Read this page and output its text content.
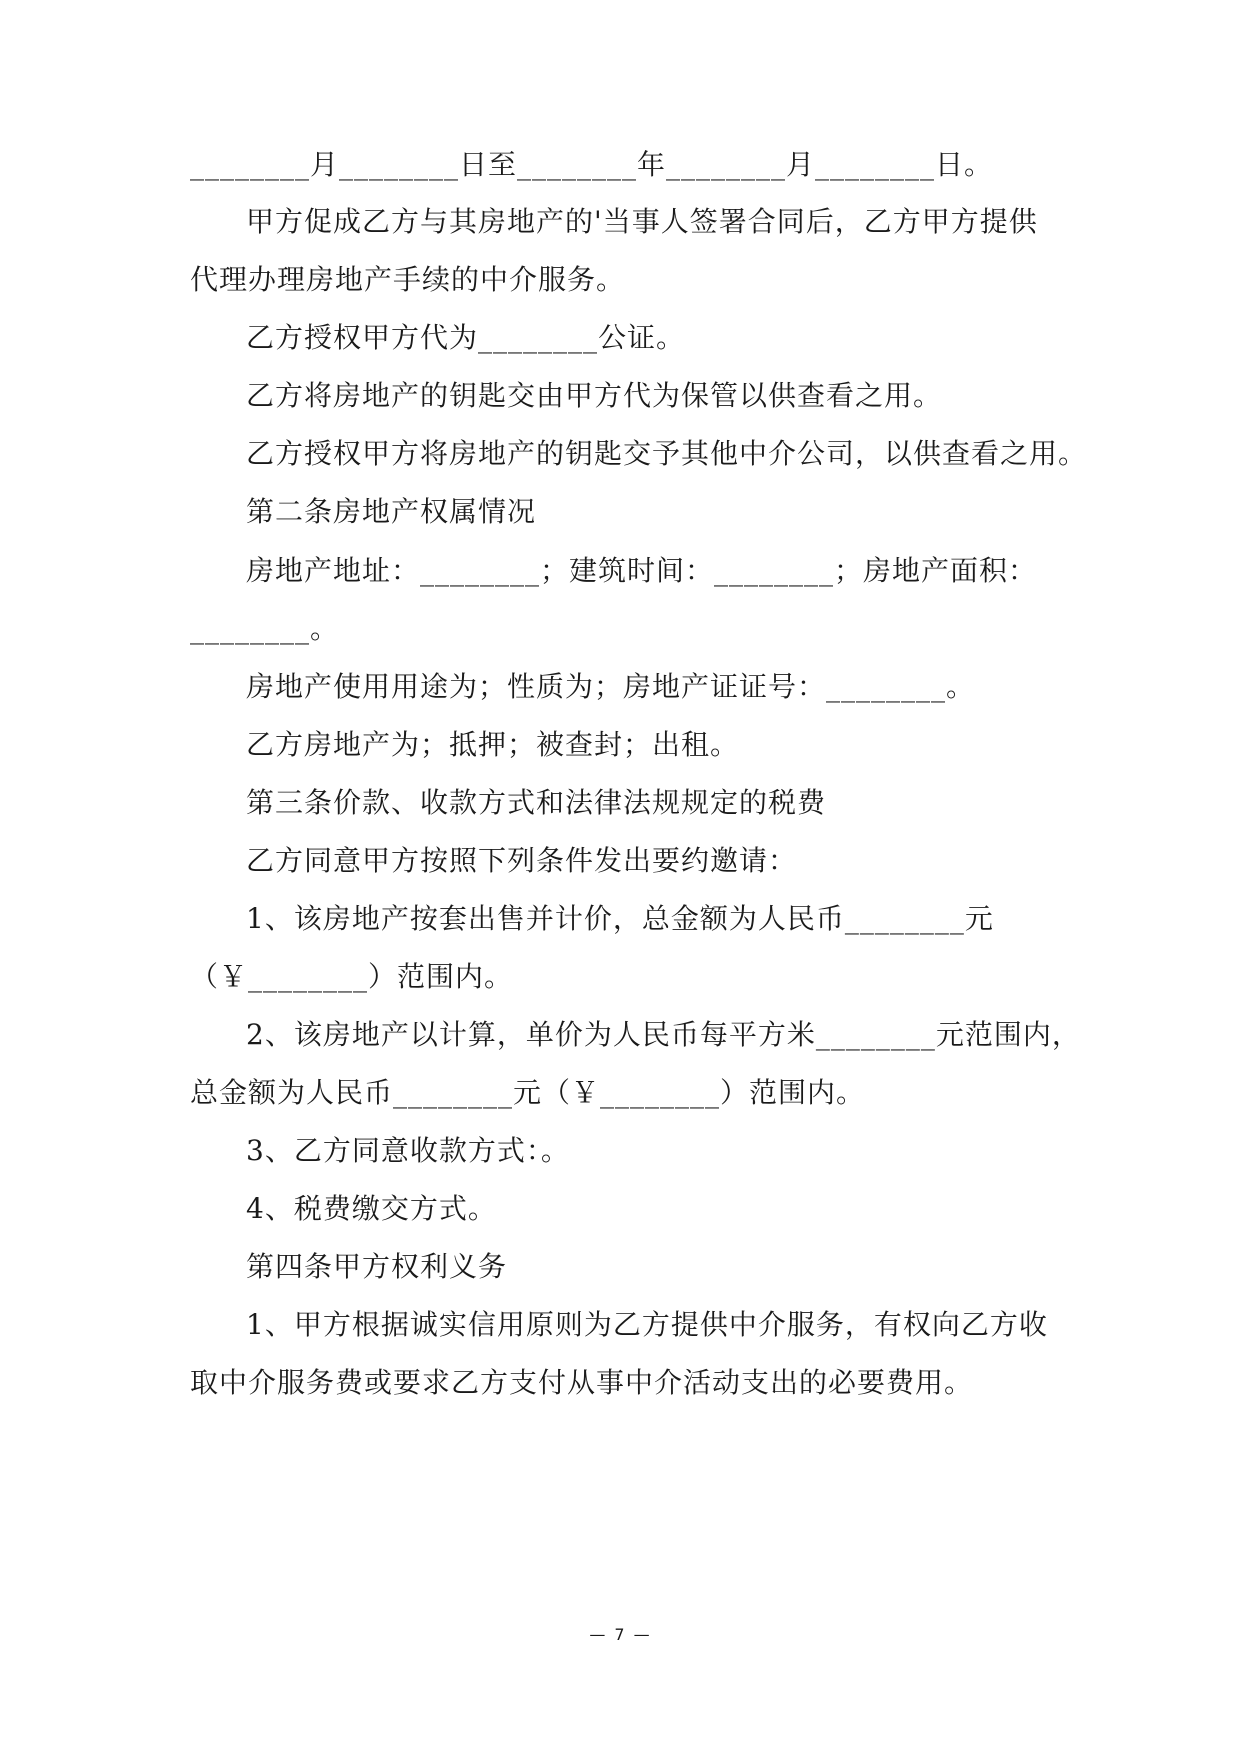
________月________日至________年________月________日。
甲方促成乙方与其房地产的'当事人签署合同后，乙方甲方提供
代理办理房地产手续的中介服务。
乙方授权甲方代为________公证。
乙方将房地产的钥匙交由甲方代为保管以供查看之用。
乙方授权甲方将房地产的钥匙交予其他中介公司，以供查看之用。
第二条房地产权属情况
房地产地址：________；建筑时间：________；房地产面积：
________。
房地产使用用途为；性质为；房地产证证号：________。
乙方房地产为；抵押；被查封；出租。
第三条价款、收款方式和法律法规规定的税费
乙方同意甲方按照下列条件发出要约邀请：
1、该房地产按套出售并计价，总金额为人民币________元
（￥________）范围内。
2、该房地产以计算，单价为人民币每平方米________元范围内，
总金额为人民币________元（￥________）范围内。
3、乙方同意收款方式：。
4、税费缴交方式。
第四条甲方权利义务
1、甲方根据诚实信用原则为乙方提供中介服务，有权向乙方收
取中介服务费或要求乙方支付从事中介活动支出的必要费用。
— 7 —
